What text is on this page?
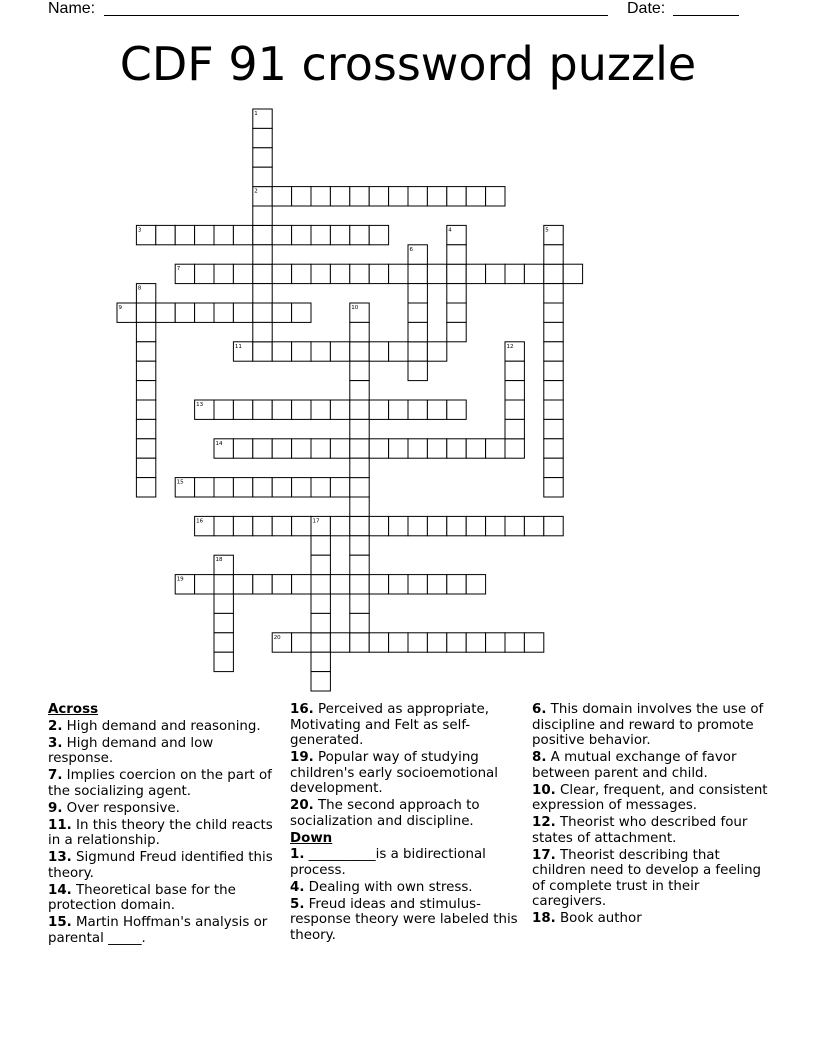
Name:	Date:
CDF 91 crossword puzzle
2
3
7
9
11
13
14
15
16
19
20
1
4	5
6
8
10
12
17
18
Across
2. High demand and reasoning.
3. High demand and low response.
7. Implies coercion on the part of the socializing agent.
9. Over responsive.
11. In this theory the child reacts in a relationship.
13. Sigmund Freud identified this theory.
14. Theoretical base for the protection domain.
15. Martin Hoffman's analysis or parental _____.
16. Perceived as appropriate, Motivating and Felt as self-generated.
19. Popular way of studying children's early socioemotional development.
20. The second approach to socialization and discipline.
Down
1. __________is a bidirectional process.
4. Dealing with own stress.
5. Freud ideas and stimulus-response theory were labeled this theory.
6. This domain involves the use of discipline and reward to promote positive behavior.
8. A mutual exchange of favor between parent and child.
10. Clear, frequent, and consistent expression of messages.
12. Theorist who described four states of attachment.
17. Theorist describing that children need to develop a feeling of complete trust in their caregivers.
18. Book author
